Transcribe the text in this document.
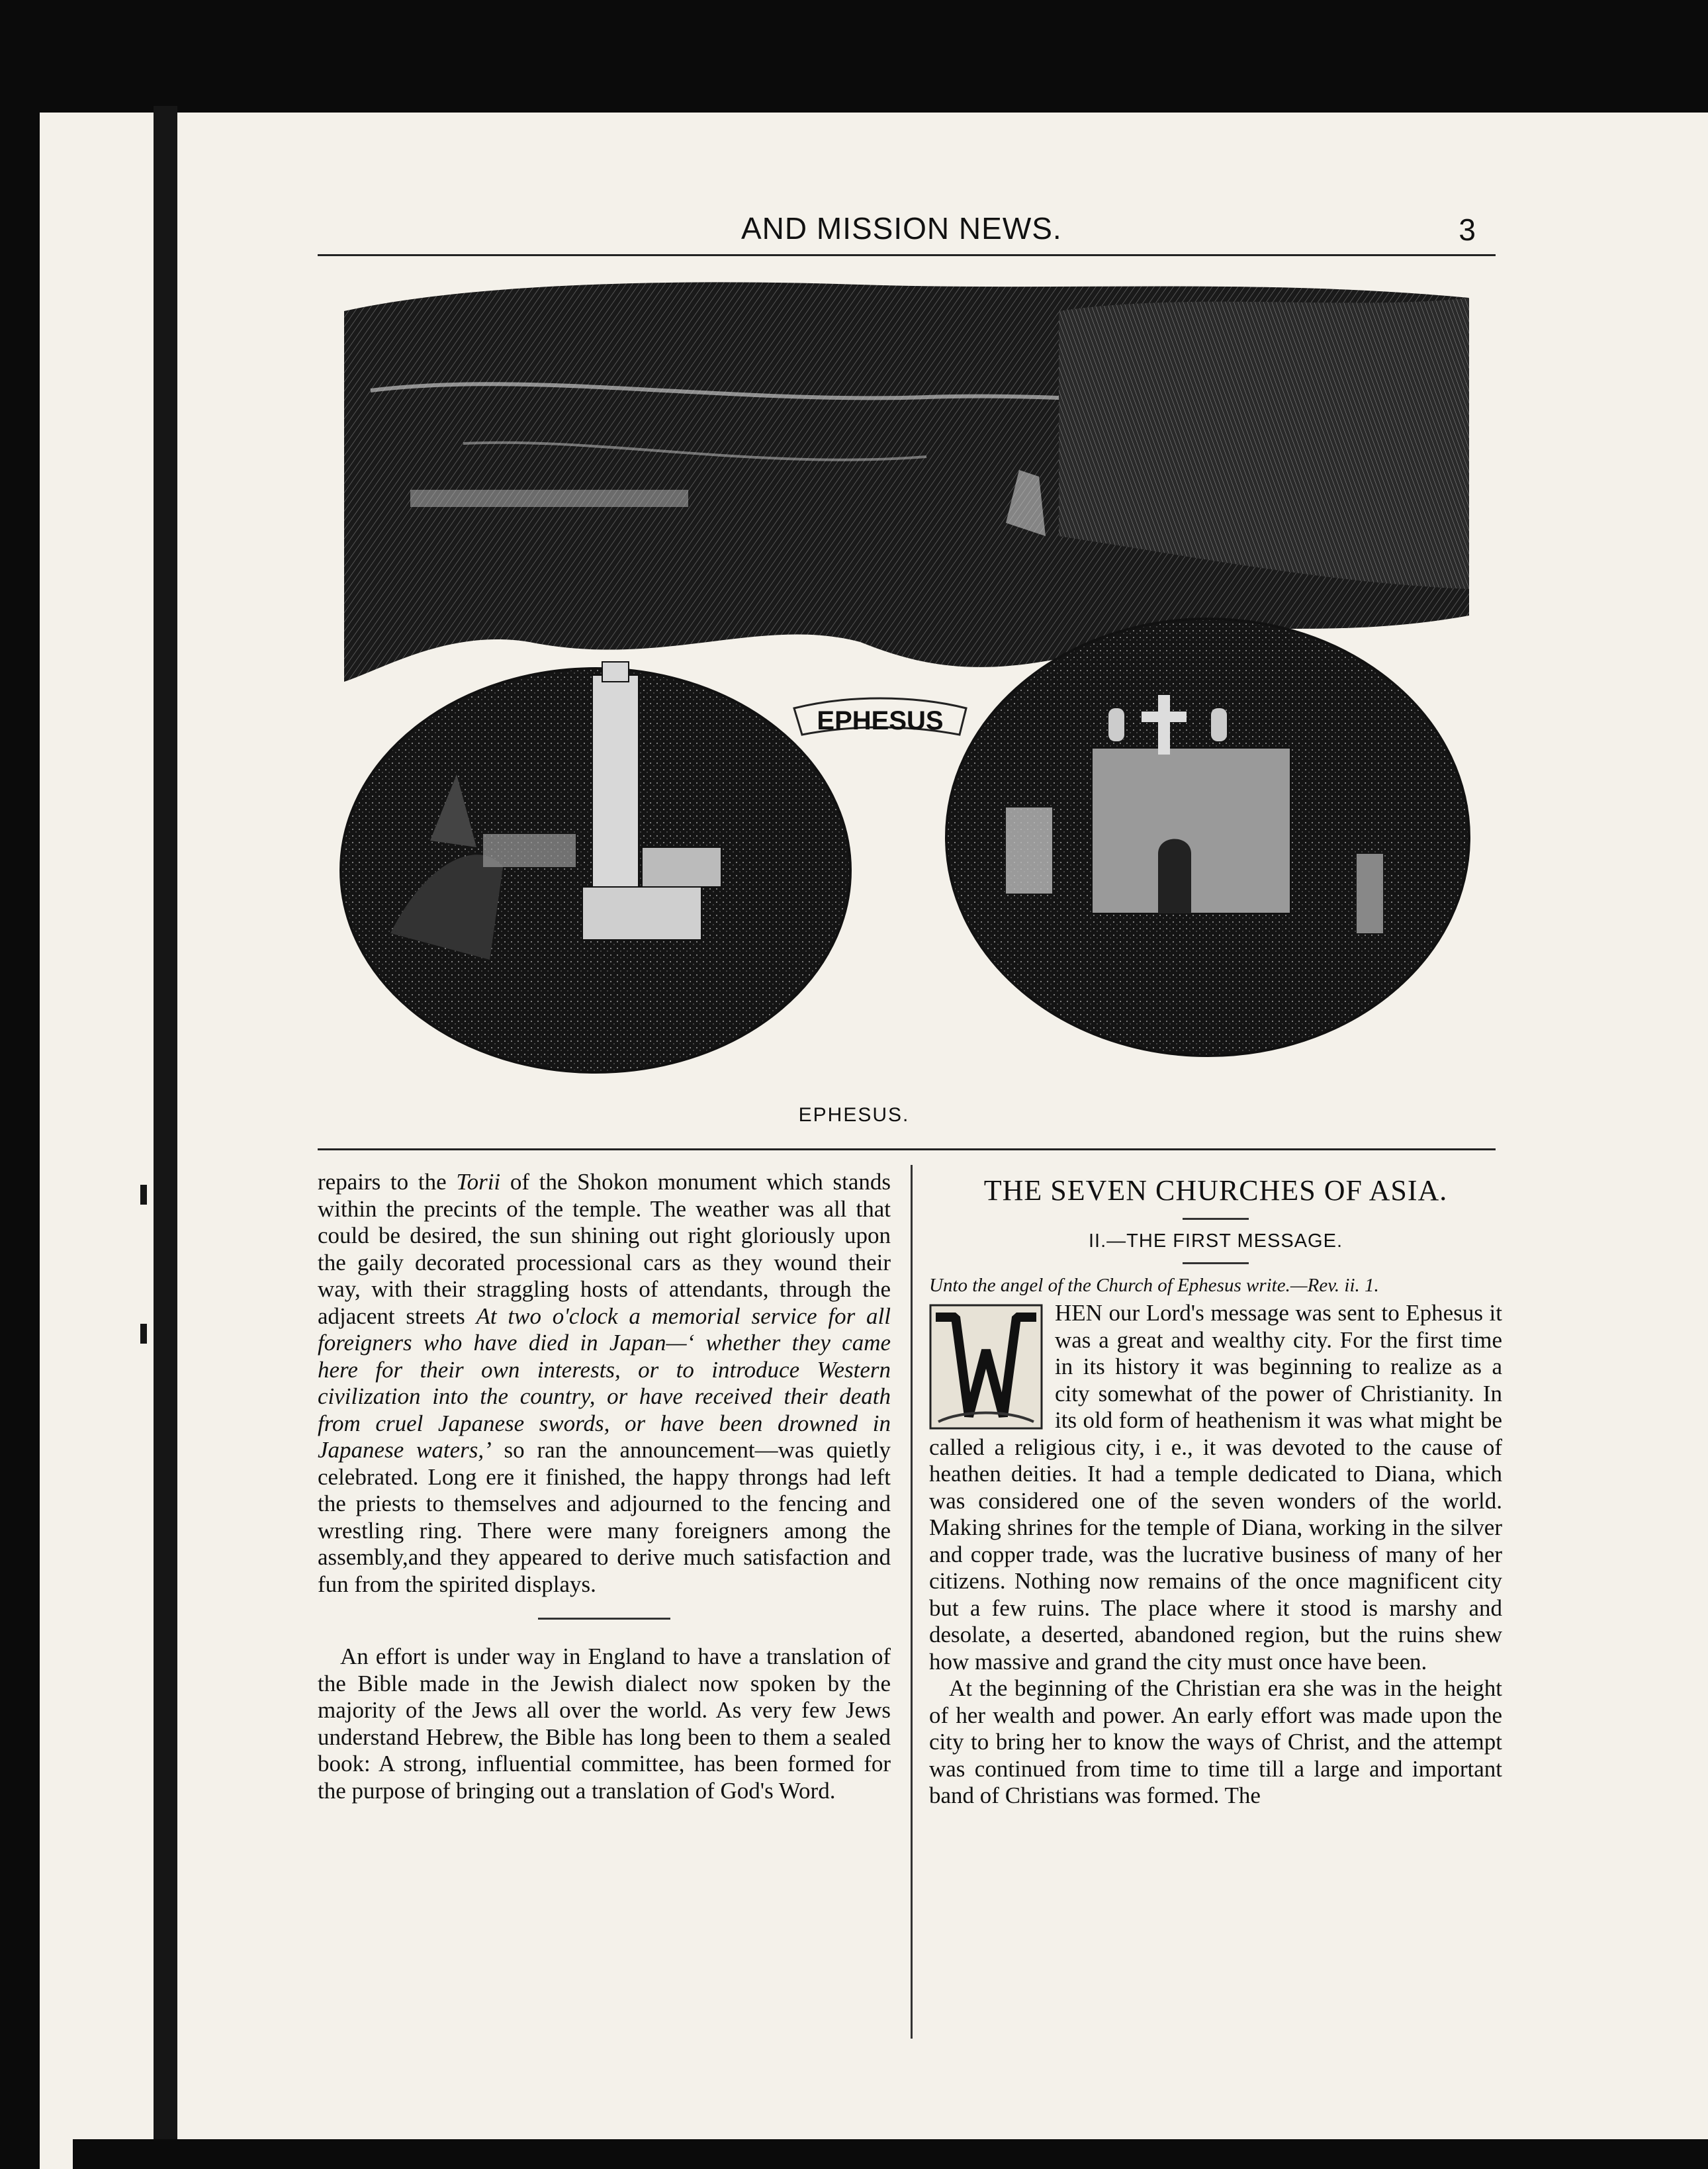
AND MISSION NEWS.	3
EPHESUS
EPHESUS.

repairs to the Torii of the Shokon monument which stands within the precints of the temple. The weather was all that could be desired, the sun shining out right gloriously upon the gaily decorated processional cars as they wound their way, with their straggling hosts of attendants, through the adjacent streets At two o'clock a memorial service for all foreigners who have died in Japan—‘ whether they came here for their own interests, or to introduce Western civilization into the country, or have received their death from cruel Japanese swords, or have been drowned in Japanese waters,’ so ran the announcement—was quietly celebrated. Long ere it finished, the happy throngs had left the priests to themselves and adjourned to the fencing and wrestling ring. There were many foreigners among the assembly,and they appeared to derive much satisfaction and fun from the spirited displays.

An effort is under way in England to have a translation of the Bible made in the Jewish dialect now spoken by the majority of the Jews all over the world. As very few Jews understand Hebrew, the Bible has long been to them a sealed book: A strong, influential committee, has been formed for the purpose of bringing out a translation of God's Word.

THE SEVEN CHURCHES OF ASIA.
II.—THE FIRST MESSAGE.

Unto the angel of the Church of Ephesus write.—Rev. ii. 1.

W
HEN our Lord's message was sent to Ephesus it was a great and wealthy city. For the first time in its history it was beginning to realize as a city somewhat of the power of Christianity. In its old form of heathenism it was what might be called a religious city, i e., it was devoted to the cause of heathen deities. It had a temple dedicated to Diana, which was considered one of the seven wonders of the world. Making shrines for the temple of Diana, working in the silver and copper trade, was the lucrative business of many of her citizens. Nothing now remains of the once magnificent city but a few ruins. The place where it stood is marshy and desolate, a deserted, abandoned region, but the ruins shew how massive and grand the city must once have been.

At the beginning of the Christian era she was in the height of her wealth and power. An early effort was made upon the city to bring her to know the ways of Christ, and the attempt was continued from time to time till a large and important band of Christians was formed. The
